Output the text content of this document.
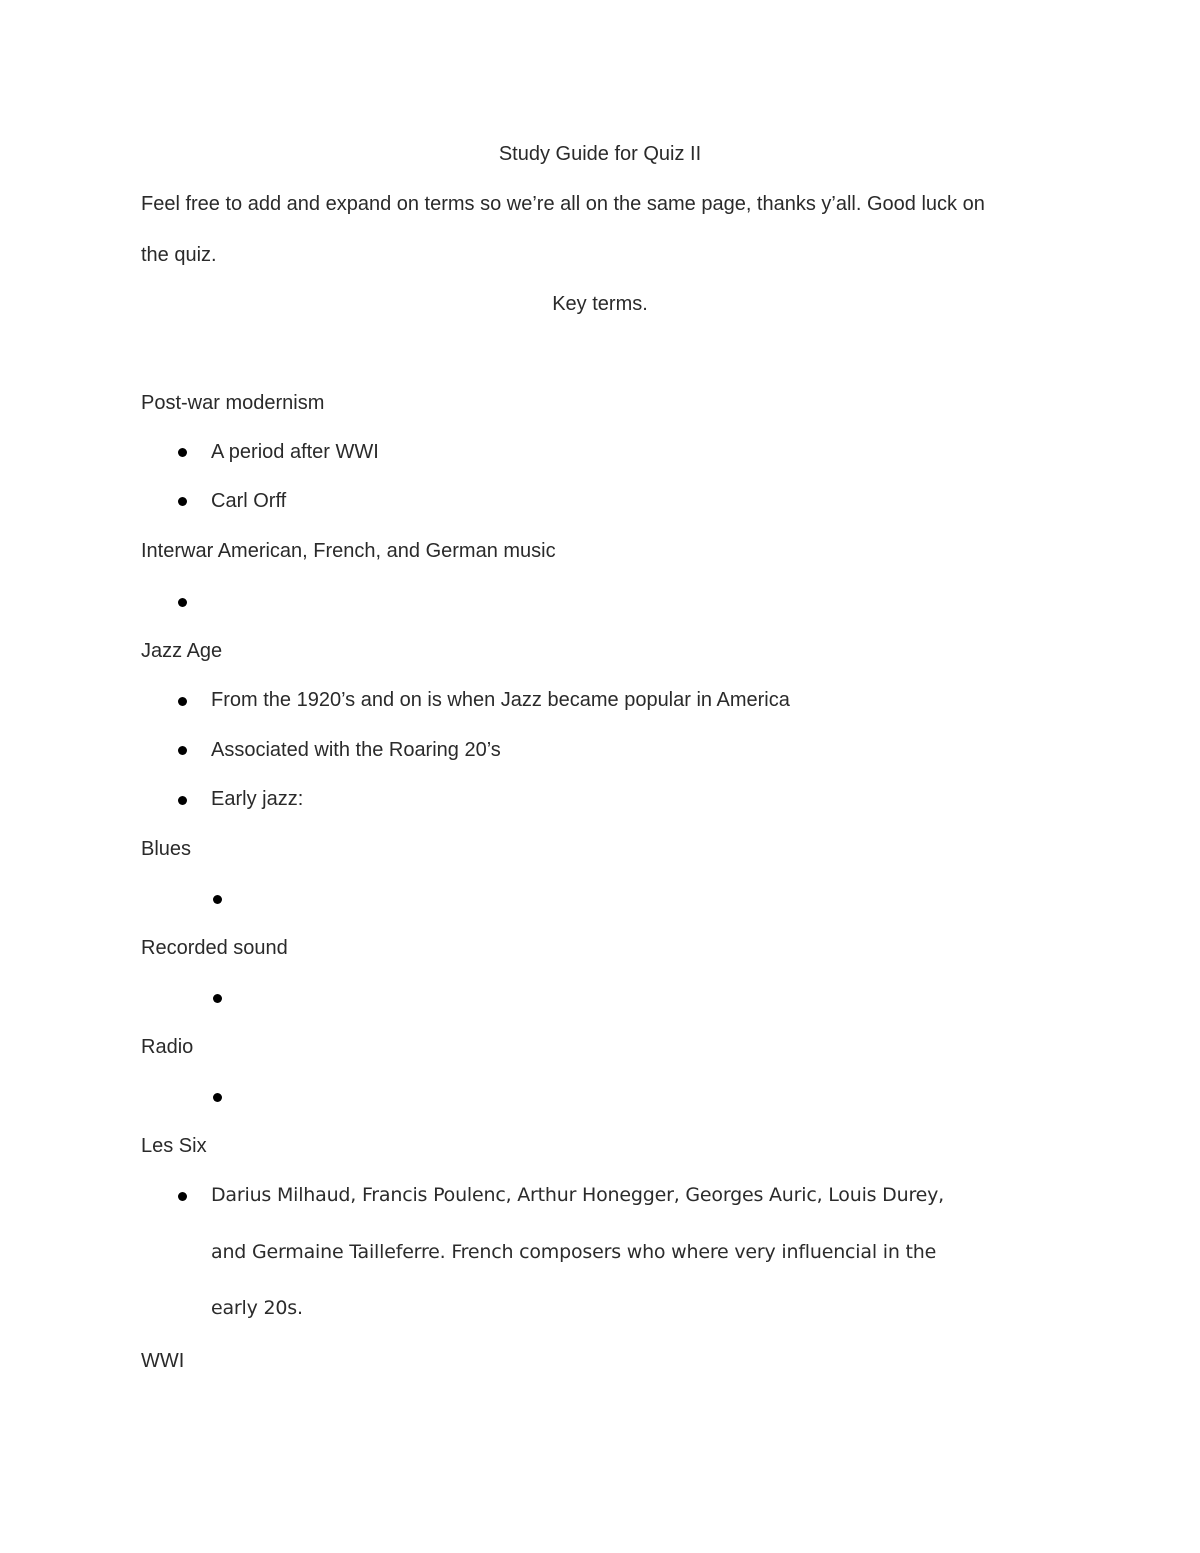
Study Guide for Quiz II
Feel free to add and expand on terms so we’re all on the same page, thanks y’all. Good luck on
the quiz.
Key terms.
Post-war modernism
A period after WWI
Carl Orff
Interwar American, French, and German music
Jazz Age
From the 1920’s and on is when Jazz became popular in America
Associated with the Roaring 20’s
Early jazz:
Blues
Recorded sound
Radio
Les Six
Darius Milhaud, Francis Poulenc, Arthur Honegger, Georges Auric, Louis Durey,
and Germaine Tailleferre. French composers who where very influencial in the
early 20s.
WWI
